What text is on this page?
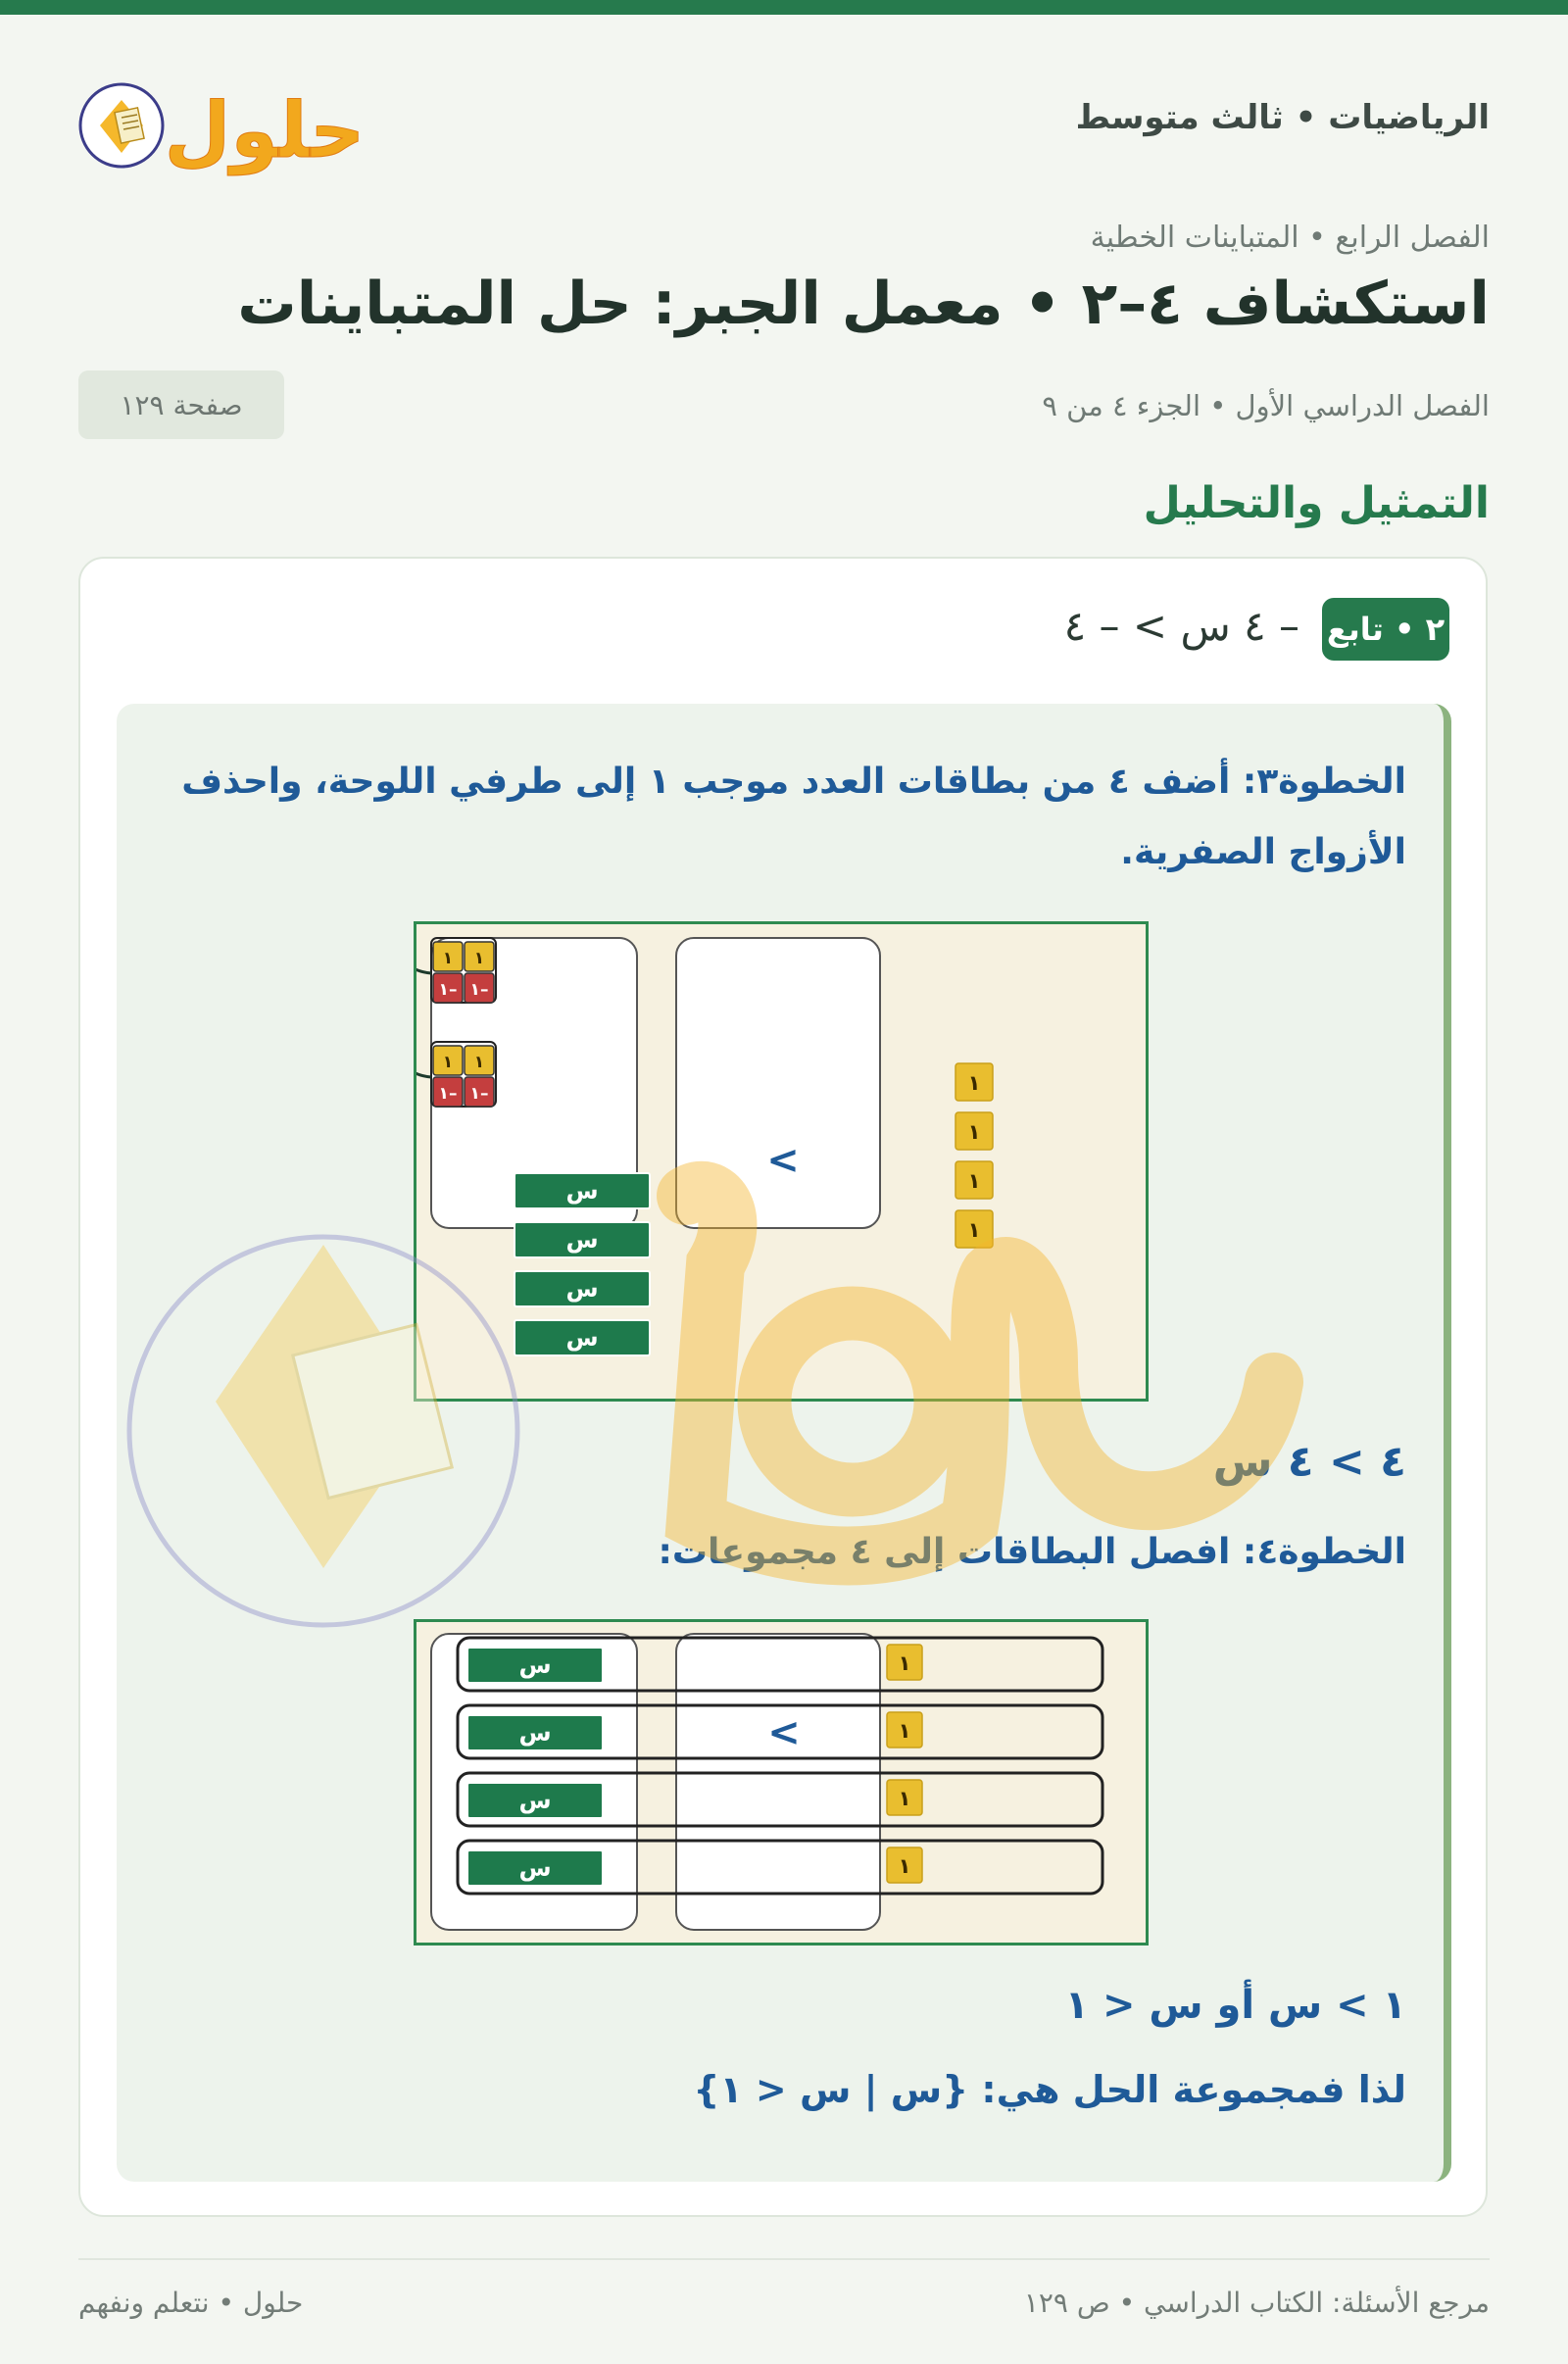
حلول	الرياضيات • ثالث متوسط
الفصل الرابع • المتباينات الخطية
استكشاف ٤–٢ • معمل الجبر: حل المتباينات
الفصل الدراسي الأول • الجزء ٤ من ٩
صفحة ١٢٩
التمثيل والتحليل
٢ • تابع
– ٤ س > – ٤
الخطوة٣: أضف ٤ من بطاقات العدد موجب ١ إلى طرفي اللوحة، واحذف الأزواج الصفرية.
١
–١
١
–١
١
–١
١
–١
س
س
س
س
>
١
١
١
١
٤ > ٤ س
الخطوة٤: افصل البطاقات إلى ٤ مجموعات:
س	١
س	١
س	١
س	١
>
١ > س أو س < ١
لذا فمجموعة الحل هي: {س | س < ١}
مرجع الأسئلة: الكتاب الدراسي • ص ١٢٩
حلول • نتعلم ونفهم
